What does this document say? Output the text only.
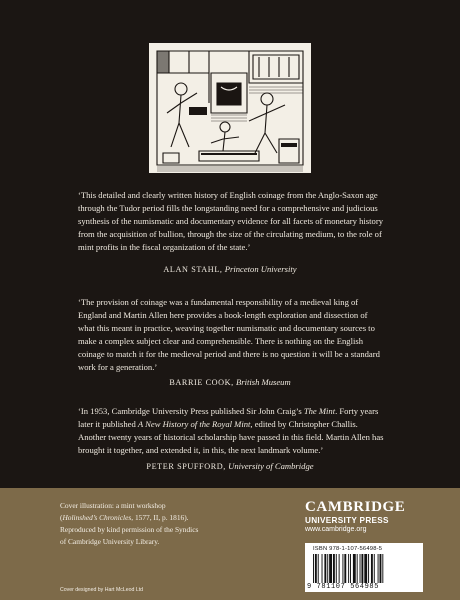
‘This detailed and clearly written history of English coinage from the Anglo-Saxon age through the Tudor period fills the longstanding need for a comprehensive and judicious synthesis of the numismatic and documentary evidence for all facets of monetary history from the acquisition of bullion, through the size of the circulating medium, to the role of mint profits in the fiscal organization of the state.’
ALAN STAHL, Princeton University
‘The provision of coinage was a fundamental responsibility of a medieval king of England and Martin Allen here provides a book-length exploration and dissection of what this meant in practice, weaving together numismatic and documentary sources to make a complex subject clear and comprehensible. There is nothing on the English coinage to match it for the medieval period and there is no question it will be a standard work for a generation.’
BARRIE COOK, British Museum
‘In 1953, Cambridge University Press published Sir John Craig’s The Mint. Forty years later it published A New History of the Royal Mint, edited by Christopher Challis. Another twenty years of historical scholarship have passed in this field. Martin Allen has brought it together, and extended it, in this, the next landmark volume.’
PETER SPUFFORD, University of Cambridge
Cover illustration: a mint workshop
(Holinshed’s Chronicles, 1577, II, p. 1816).
Reproduced by kind permission of the Syndics
of Cambridge University Library.
Cover designed by Hart McLeod Ltd
CAMBRIDGE
UNIVERSITY PRESS
www.cambridge.org
ISBN 978-1-107-56498-5
9 781107 564985
